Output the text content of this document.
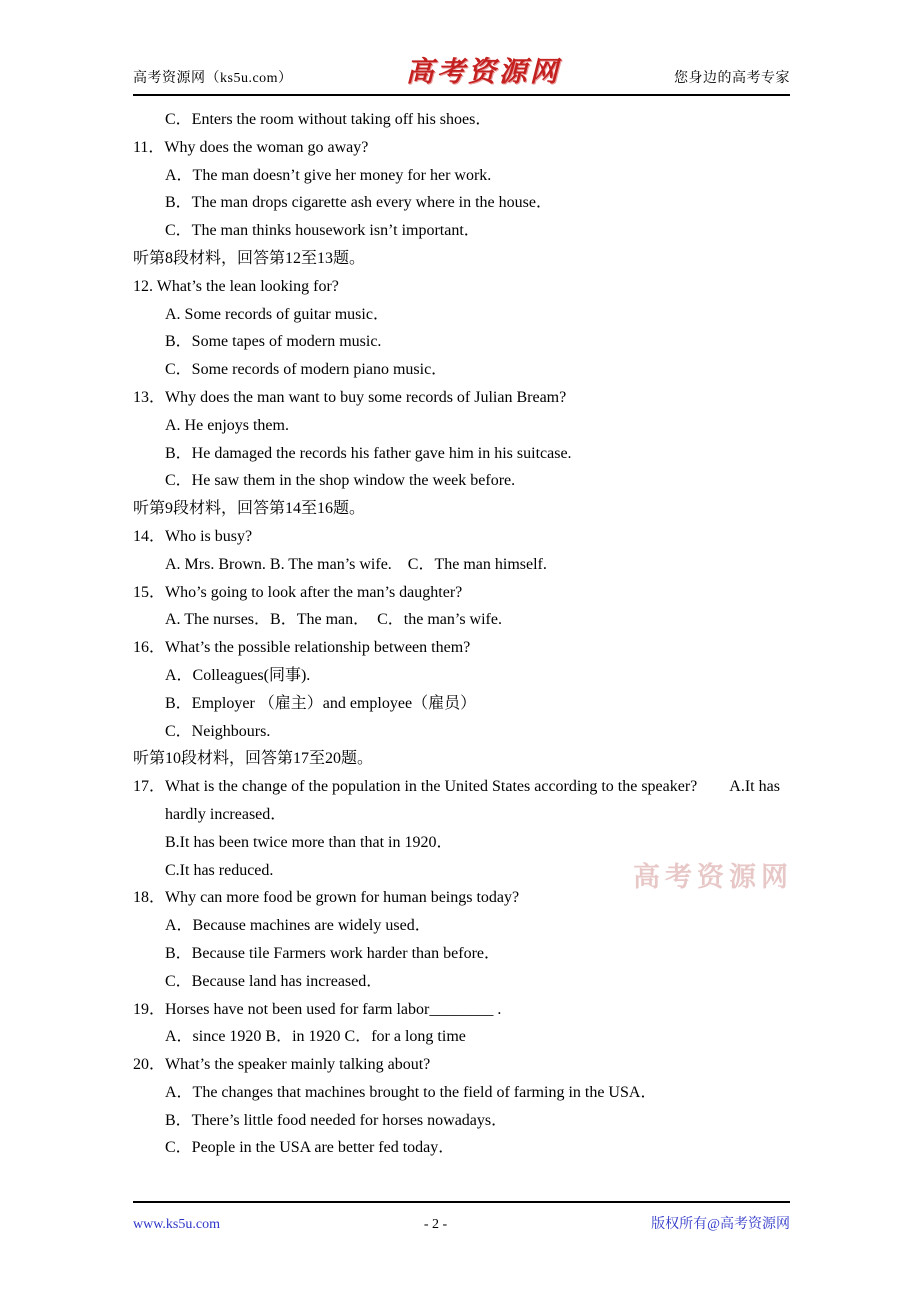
高考资源网（ks5u.com）	高考资源网	您身边的高考专家
C．Enters the room without taking off his shoes．
11．Why does the woman go away?
A．The man doesn’t give her money for her work.
B．The man drops cigarette ash every where in the house．
C．The man thinks housework isn’t important．
听第8段材料，回答第12至13题。
12. What’s the lean looking for?
A. Some records of guitar music．
B．Some tapes of modern music.
C．Some records of modern piano music．
13．Why does the man want to buy some records of Julian Bream?
A. He enjoys them.
B．He damaged the records his father gave him in his suitcase.
C．He saw them in the shop window the week before.
听第9段材料，回答第14至16题。
14．Who is busy?
A. Mrs. Brown. B. The man’s wife.　C．The man himself.
15．Who’s going to look after the man’s daughter?
A. The nurses．B．The man．　C．the man’s wife.
16．What’s the possible relationship between them?
A．Colleagues(同事).
B．Employer （雇主）and employee（雇员）
C．Neighbours.
听第10段材料，回答第17至20题。
17．What is the change of the population in the United States according to the speaker?　　A.It has
hardly increased．
B.It has been twice more than that in 1920．
C.It has reduced.
18．Why can more food be grown for human beings today?
A．Because machines are widely used．
B．Because tile Farmers work harder than before．
C．Because land has increased．
19．Horses have not been used for farm labor________ .
A．since 1920 B．in 1920 C．for a long time
20．What’s the speaker mainly talking about?
A．The changes that machines brought to the field of farming in the USA．
B．There’s little food needed for horses nowadays．
C．People in the USA are better fed today．
高考资源网
www.ks5u.com	- 2 -	版权所有@高考资源网
